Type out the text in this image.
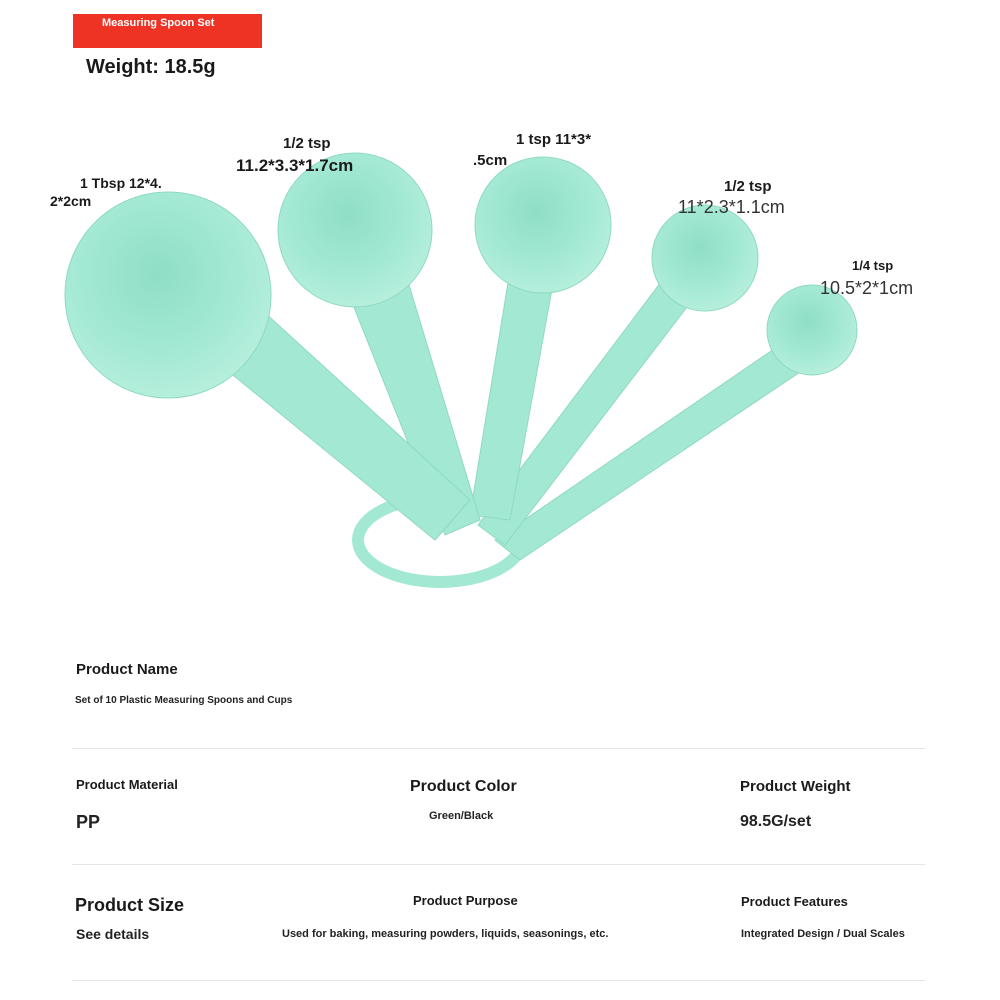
Measuring Spoon Set
Weight: 18.5g
1 Tbsp 12*4.
2*2cm
1/2 tsp
11.2*3.3*1.7cm
1 tsp 11*3*
.5cm
1/2 tsp
11*2.3*1.1cm
1/4 tsp
10.5*2*1cm
Product Name
Set of 10 Plastic Measuring Spoons and Cups
Product Material
PP
Product Color
Green/Black
Product Weight
98.5G/set
Product Size
See details
Product Purpose
Used for baking, measuring powders, liquids, seasonings, etc.
Product Features
Integrated Design / Dual Scales
